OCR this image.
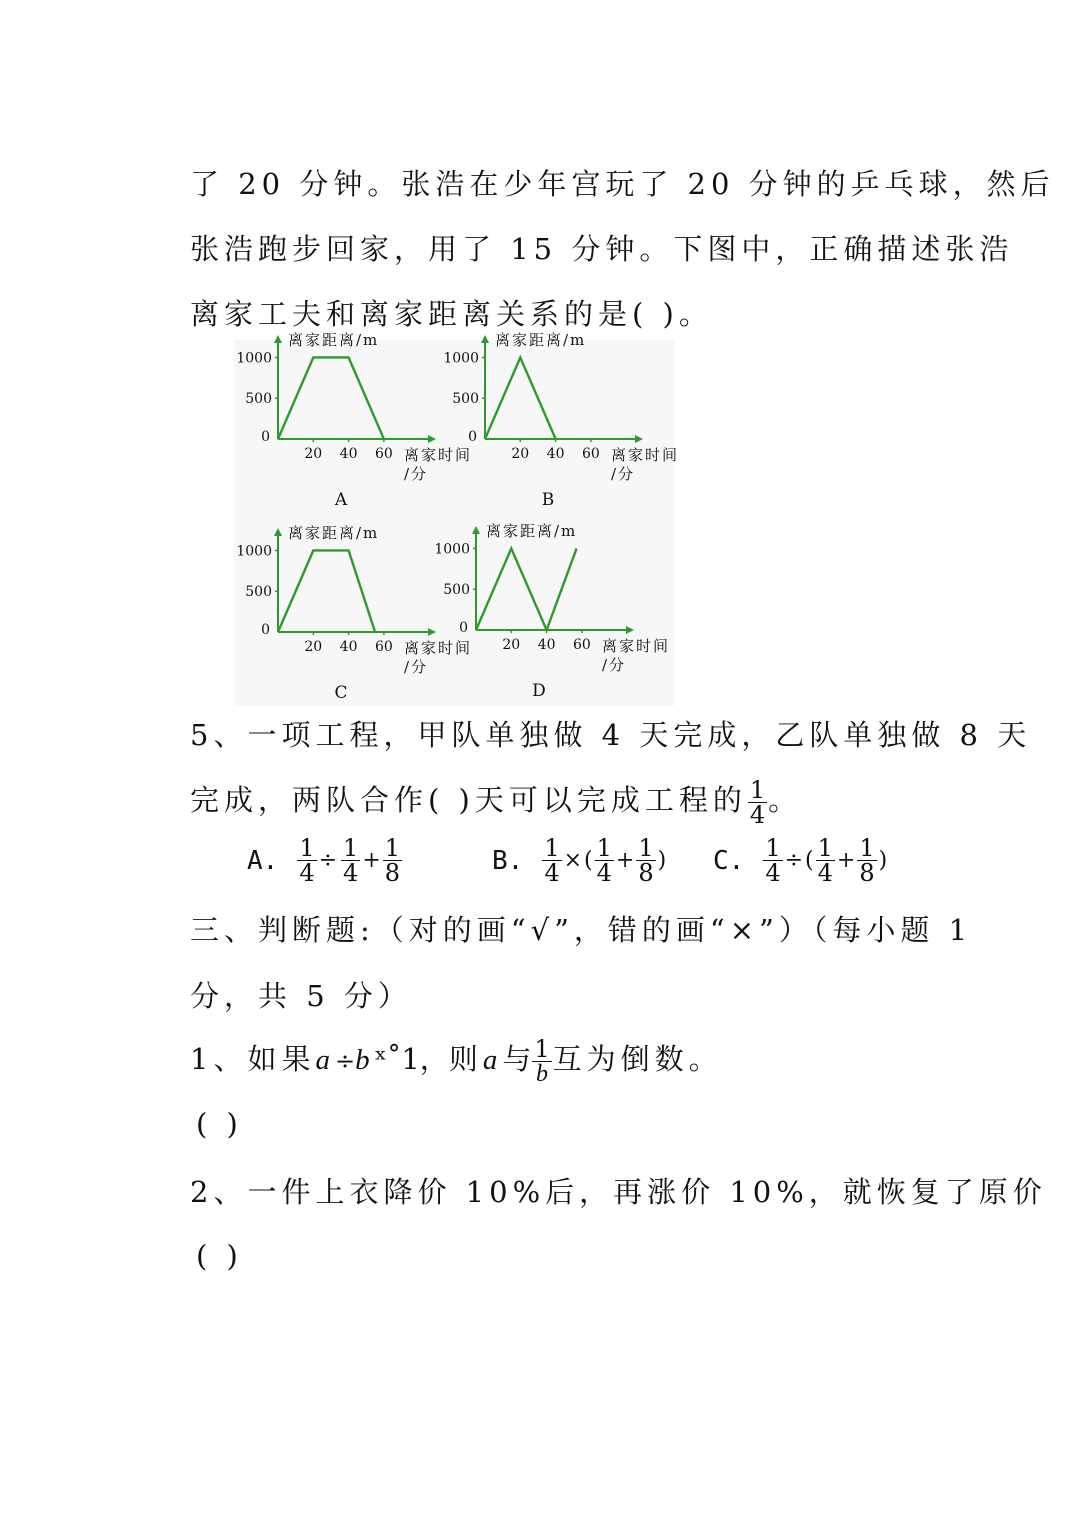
了 20 分钟。张浩在少年宫玩了 20 分钟的乒乓球，然后
张浩跑步回家，用了 15 分钟。下图中，正确描述张浩
离家工夫和离家距离关系的是( )。
1000
500
0
20 40 60
离家距离/m
离家时间
/分
A
1000
500
0
20 40 60
离家距离/m
离家时间
/分
B
1000
500
0
20 40 60
离家距离/m
离家时间
/分
C
1000
500
0
20 40 60
离家距离/m
离家时间
/分
D
5、一项工程，甲队单独做 4 天完成，乙队单独做 8 天
完成，两队合作( )天可以完成工程的 $\frac{1}{4}$ 。
A. $\frac{1}{4} \div \frac{1}{4} + \frac{1}{8}$	B. $\frac{1}{4}$ ×( $\frac{1}{4} + \frac{1}{8}$ ) C. $\frac{1}{4}$ ÷( $\frac{1}{4} + \frac{1}{8}$ )
三、判断题:（对的画“√”，错的画“×”）（每小题 1
分，共 5 分）
1、如果a÷bˣ˚1，则a与 $\frac{1}{b}$ 互为倒数。
( )
2、一件上衣降价 10%后，再涨价 10%，就恢复了原价
( )
